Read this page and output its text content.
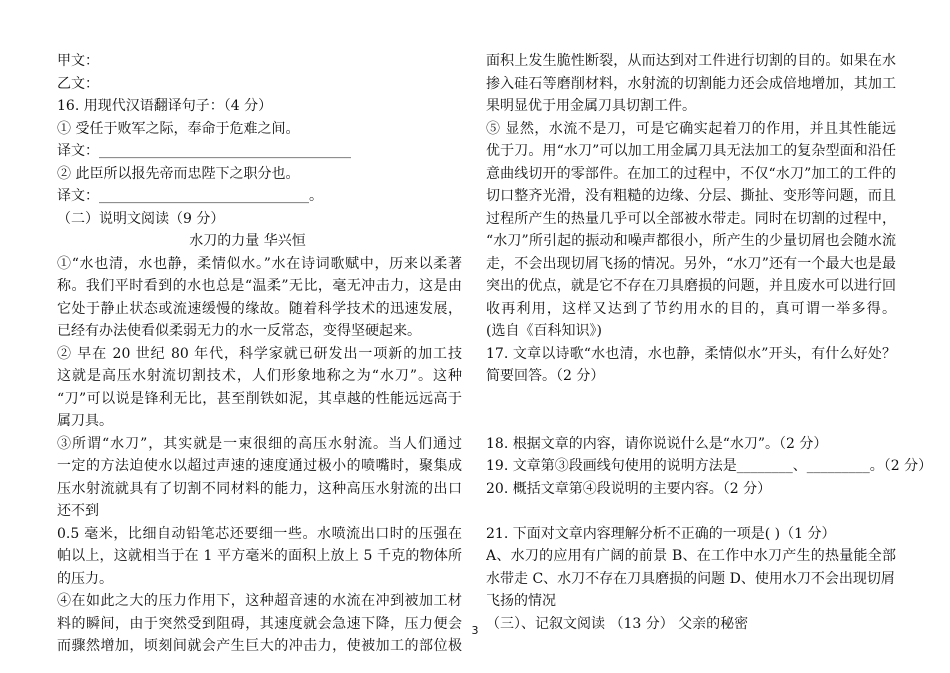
甲文：
乙文：
16. 用现代汉语翻译句子：（4 分）
① 受任于败军之际，奉命于危难之间。
译文：____________________________________
② 此臣所以报先帝而忠陛下之职分也。
译文：______________________________。
（二）说明文阅读（9 分）
水刀的力量 华兴恒
①“水也清，水也静，柔情似水。”水在诗词歌赋中，历来以柔著
称。我们平时看到的水也总是“温柔”无比，毫无冲击力，这是由
它处于静止状态或流速缓慢的缘故。随着科学技术的迅速发展，
已经有办法使看似柔弱无力的水一反常态，变得坚硬起来。
② 早在 20 世纪 80 年代，科学家就已研发出一项新的加工技
这就是高压水射流切割技术，人们形象地称之为“水刀”。这种
“刀”可以说是锋利无比，甚至削铁如泥，其卓越的性能远远高于
属刀具。
③所谓“水刀”，其实就是一束很细的高压水射流。当人们通过
一定的方法迫使水以超过声速的速度通过极小的喷嘴时，聚集成
压水射流就具有了切割不同材料的能力，这种高压水射流的出口
还不到
0.5 毫米，比细自动铅笔芯还要细一些。水喷流出口时的压强在
帕以上，这就相当于在 1 平方毫米的面积上放上 5 千克的物体所
的压力。
④在如此之大的压力作用下，这种超音速的水流在冲到被加工材
料的瞬间，由于突然受到阻碍，其速度就会急速下降，压力便会
而骤然增加，顷刻间就会产生巨大的冲击力，使被加工的部位极
面积上发生脆性断裂，从而达到对工件进行切割的目的。如果在水
掺入硅石等磨削材料，水射流的切割能力还会成倍地增加，其加工
果明显优于用金属刀具切割工件。
⑤ 显然，水流不是刀，可是它确实起着刀的作用，并且其性能远
优于刀。用“水刀”可以加工用金属刀具无法加工的复杂型面和沿任
意曲线切开的零部件。在加工的过程中，不仅“水刀”加工的工件的
切口整齐光滑，没有粗糙的边缘、分层、撕扯、变形等问题，而且
过程所产生的热量几乎可以全部被水带走。同时在切割的过程中，
“水刀”所引起的振动和噪声都很小，所产生的少量切屑也会随水流
走，不会出现切屑飞扬的情况。另外，“水刀”还有一个最大也是最
突出的优点，就是它不存在刀具磨损的问题，并且废水可以进行回
收再利用，这样又达到了节约用水的目的，真可谓一举多得。
(选自《百科知识》)
17. 文章以诗歌“水也清，水也静，柔情似水”开头，有什么好处？
简要回答。（2 分）
18. 根据文章的内容，请你说说什么是“水刀”。（2 分）
19. 文章第③段画线句使用的说明方法是________、_________。（2 分）
20. 概括文章第④段说明的主要内容。（2 分）
21. 下面对文章内容理解分析不正确的一项是( )（1 分）
A、水刀的应用有广阔的前景 B、在工作中水刀产生的热量能全部
水带走 C、水刀不存在刀具磨损的问题 D、使用水刀不会出现切屑
飞扬的情况
（三）、记叙文阅读 （13 分） 父亲的秘密
3
